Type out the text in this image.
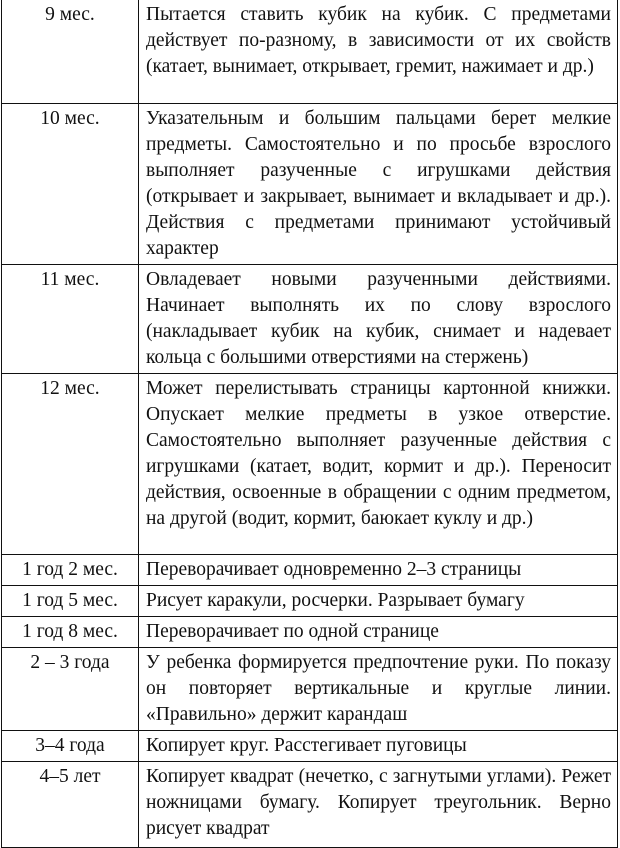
9 мес.	Пытается ставить кубик на кубик. С предметами действует по-разному, в зависимости от их свойств (катает, вынимает, открывает, гремит, нажимает и др.)
10 мес.	Указательным и большим пальцами берет мелкие предметы. Самостоятельно и по просьбе взрослого выполняет разученные с игрушками действия (открывает и закрывает, вынимает и вкладывает и др.). Действия с предметами принимают устойчивый характер
11 мес.	Овладевает новыми разученными действиями. Начинает выполнять их по слову взрослого (накладывает кубик на кубик, снимает и надевает кольца с большими отверстиями на стержень)
12 мес.	Может перелистывать страницы картонной книжки. Опускает мелкие предметы в узкое отверстие. Самостоятельно выполняет разученные действия с игрушками (катает, водит, кормит и др.). Переносит действия, освоенные в обращении с одним предметом, на другой (водит, кормит, баюкает куклу и др.)
1 год 2 мес.	Переворачивает одновременно 2–3 страницы
1 год 5 мес.	Рисует каракули, росчерки. Разрывает бумагу
1 год 8 мес.	Переворачивает по одной странице
2 – 3 года	У ребенка формируется предпочтение руки. По показу он повторяет вертикальные и круглые линии. «Правильно» держит карандаш
3–4 года	Копирует круг. Расстегивает пуговицы
4–5 лет	Копирует квадрат (нечетко, с загнутыми углами). Режет ножницами бумагу. Копирует треугольник. Верно рисует квадрат
